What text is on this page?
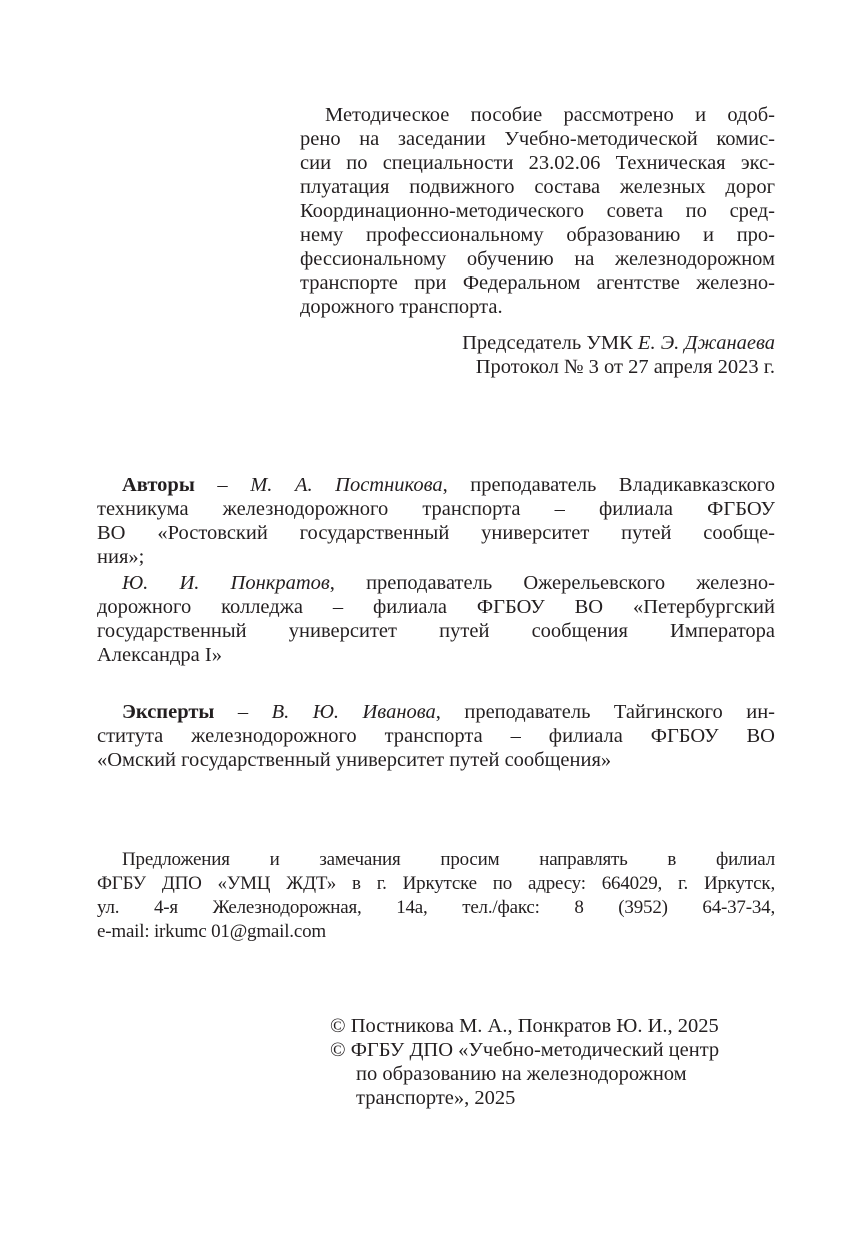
Методическое пособие рассмотрено и одоб-
рено на заседании Учебно-методической комис-
сии по специальности 23.02.06 Техническая экс-
плуатация подвижного состава железных дорог
Координационно-методического совета по сред-
нему профессиональному образованию и про-
фессиональному обучению на железнодорожном
транспорте при Федеральном агентстве железно-
дорожного транспорта.
Председатель УМК Е. Э. Джанаева
Протокол № 3 от 27 апреля 2023 г.
Авторы – М. А. Постникова, преподаватель Владикавказского
техникума железнодорожного транспорта – филиала ФГБОУ
ВО «Ростовский государственный университет путей сообще-
ния»;
Ю. И. Понкратов, преподаватель Ожерельевского железно-
дорожного колледжа – филиала ФГБОУ ВО «Петербургский
государственный университет путей сообщения Императора
Александра I»
Эксперты – В. Ю. Иванова, преподаватель Тайгинского ин-
ститута железнодорожного транспорта – филиала ФГБОУ ВО
«Омский государственный университет путей сообщения»
Предложения и замечания просим направлять в филиал
ФГБУ ДПО «УМЦ ЖДТ» в г. Иркутске по адресу: 664029, г. Иркутск,
ул. 4-я Железнодорожная, 14а, тел./факс: 8 (3952) 64-37-34,
e-mail: irkumc 01@gmail.com
© Постникова М. А., Понкратов Ю. И., 2025
© ФГБУ ДПО «Учебно-методический центр
по образованию на железнодорожном
транспорте», 2025
